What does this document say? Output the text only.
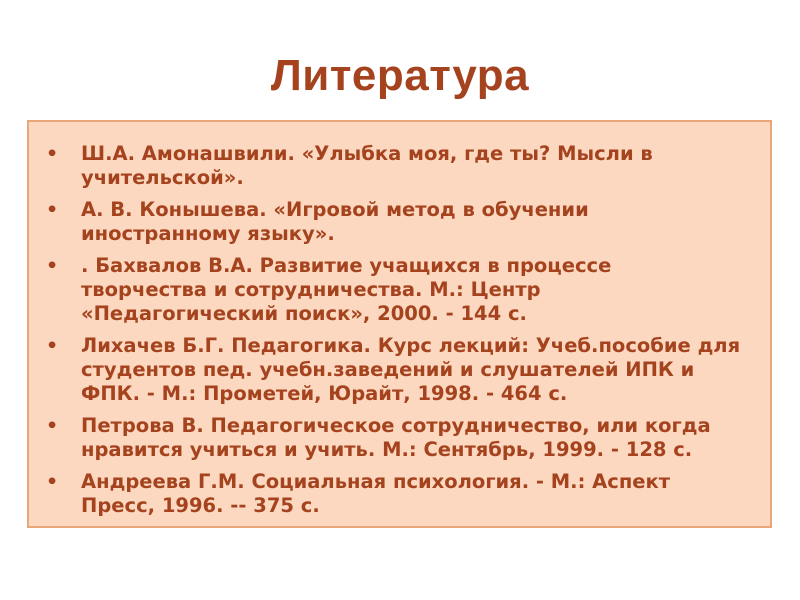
Литература
• Ш.А. Амонашвили. «Улыбка моя, где ты? Мысли в учительской».
• А. В. Конышева. «Игровой метод в обучении иностранному языку».
• . Бахвалов В.А. Развитие учащихся в процессе творчества и сотрудничества. М.: Центр «Педагогический поиск», 2000. - 144 с.
• Лихачев Б.Г. Педагогика. Курс лекций: Учеб.пособие для студентов пед. учебн.заведений и слушателей ИПК и ФПК. - М.: Прометей, Юрайт, 1998. - 464 с.
• Петрова В. Педагогическое сотрудничество, или когда нравится учиться и учить. М.: Сентябрь, 1999. - 128 с.
• Андреева Г.М. Социальная психология. - М.: Аспект Пресс, 1996. -- 375 с.
